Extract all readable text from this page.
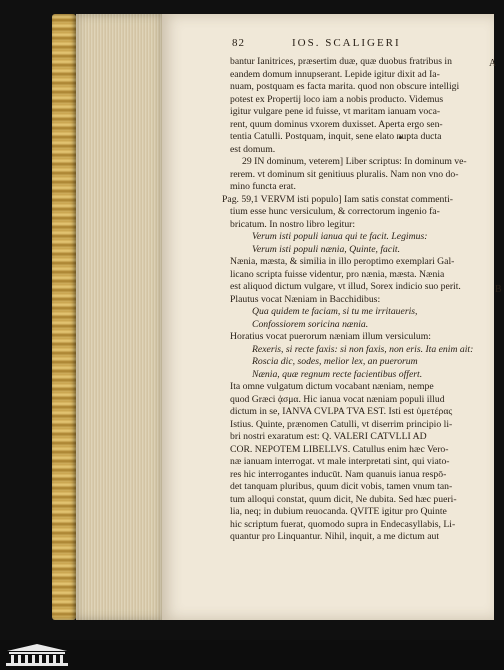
82	IOS. SCALIGERI
A
B
bantur Ianitrices, præsertim duæ, quæ duobus fratribus in
eandem domum innupserant. Lepide igitur dixit ad Ia-
nuam, postquam es facta marita. quod non obscure intelligi
potest ex Propertij loco iam a nobis producto. Videmus
igitur vulgare pene id fuisse, vt maritam ianuam voca-
rent, quum dominus vxorem duxisset. Aperta ergo sen-
tentia Catulli. Postquam, inquit, sene elato nupta ducta
est domum.
29 IN dominum, veterem] Liber scriptus: In dominum ve-
rerem. vt dominum sit genitiuus pluralis. Nam non vno do-
mino functa erat.
Pag. 59,1 VERVM isti populo] Iam satis constat commenti-
tium esse hunc versiculum, & correctorum ingenio fa-
bricatum. In nostro libro legitur:
Verum isti populi ianua qui te facit. Legimus:
Verum isti populi nænia, Quinte, facit.
Nænia, mæsta, & similia in illo peroptimo exemplari Gal-
licano scripta fuisse videntur, pro nænia, mæsta. Nænia
est aliquod dictum vulgare, vt illud, Sorex indicio suo perit.
Plautus vocat Næniam in Bacchidibus:
Qua quidem te faciam, si tu me irritaueris,
Confossiorem soricina nænia.
Horatius vocat puerorum næniam illum versiculum:
Rexeris, si recte faxis: si non faxis, non eris. Ita enim ait:
Roscia dic, sodes, melior lex, an puerorum
Nænia, quæ regnum recte facientibus offert.
Ita omne vulgatum dictum vocabant næniam, nempe
quod Græci ᾀσμα. Hic ianua vocat næniam populi illud
dictum in se, IANVA CVLPA TVA EST. Isti est ὑμετέρας
Istius. Quinte, prænomen Catulli, vt diserrim principio li-
bri nostri exaratum est: Q. VALERI CATVLLI AD
COR. NEPOTEM LIBELLVS. Catullus enim hæc Vero-
næ ianuam interrogat. vt male interpretati sint, qui viato-
res hic interrogantes inducūt. Nam quanuis ianua respō-
det tanquam pluribus, quum dicit vobis, tamen vnum tan-
tum alloqui constat, quum dicit, Ne dubita. Sed hæc pueri-
lia, neq; in dubium reuocanda. QVITE igitur pro Quinte
hic scriptum fuerat, quomodo supra in Endecasyllabis, Li-
quantur pro Linquantur. Nihil, inquit, a me dictum aut
